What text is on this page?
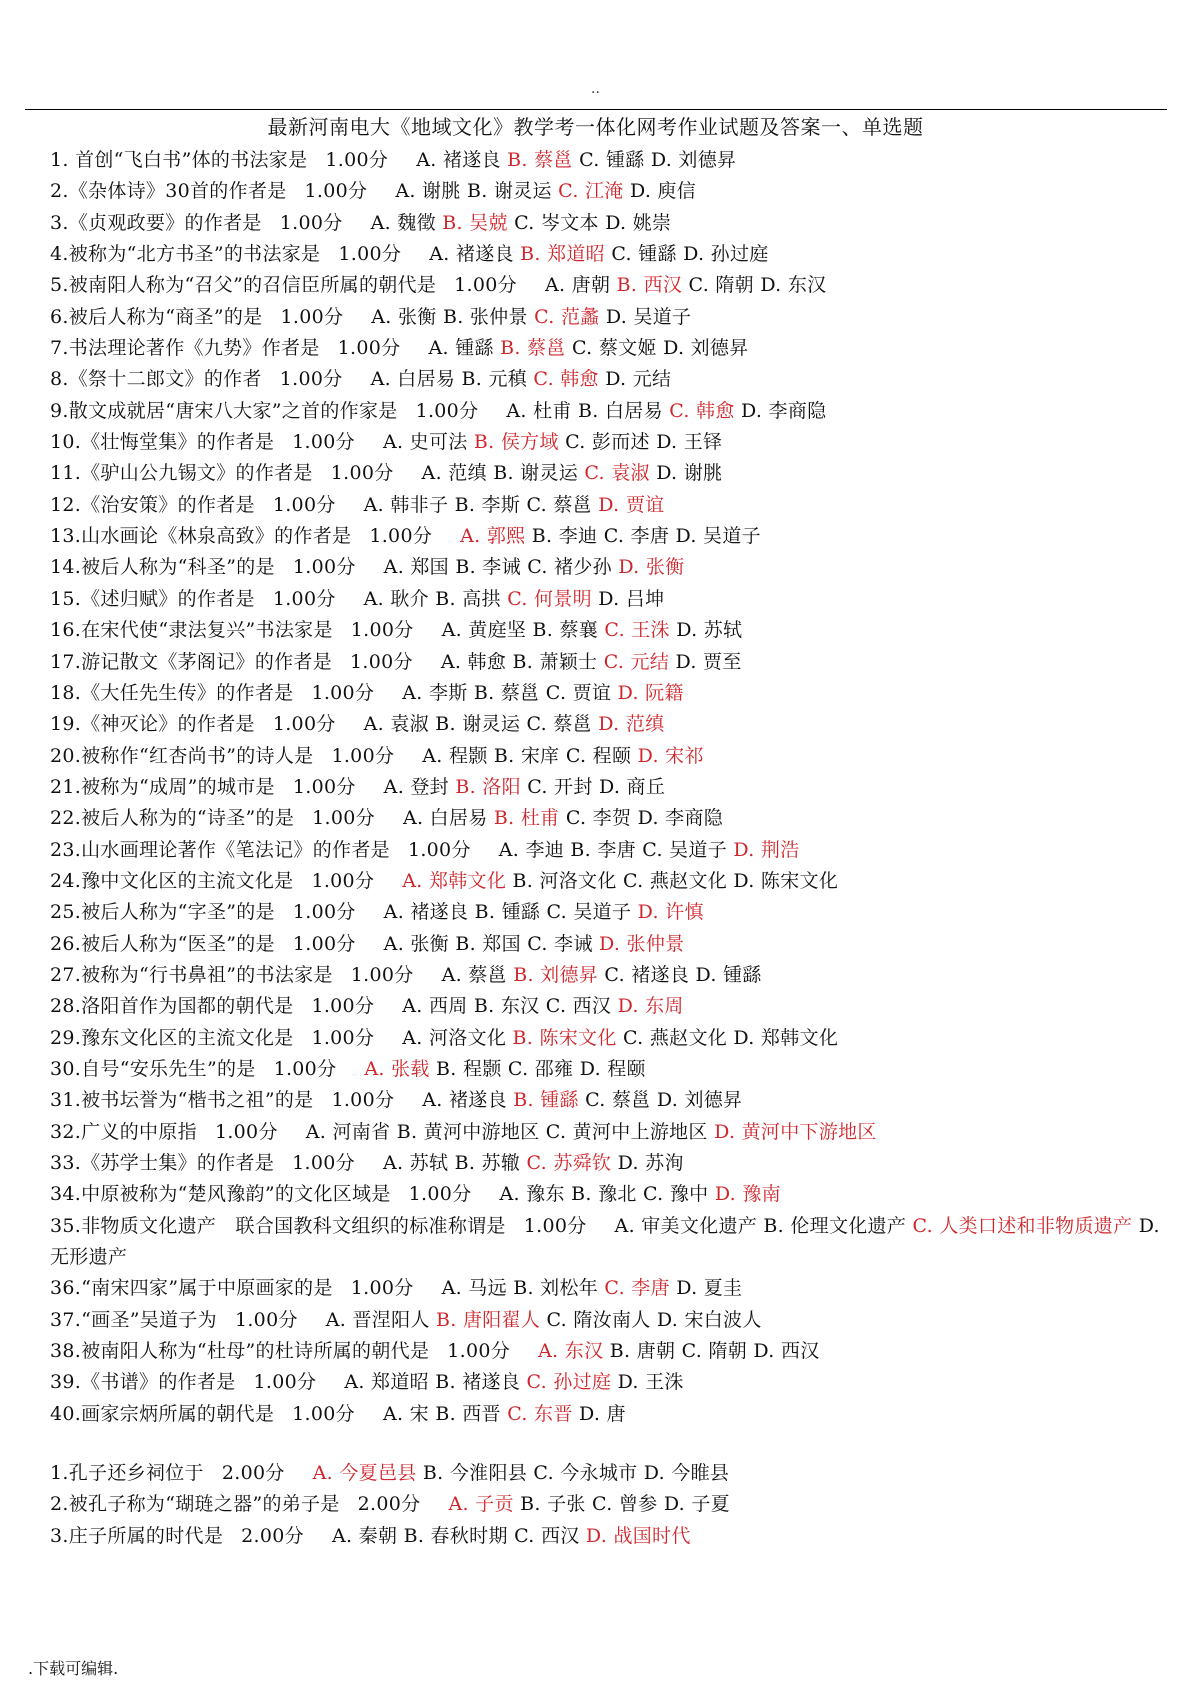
..
最新河南电大《地域文化》教学考一体化网考作业试题及答案一、单选题
1. 首创“飞白书”体的书法家是 1.00分 A. 褚遂良 B. 蔡邕 C. 锺繇 D. 刘德昇
2.《杂体诗》30首的作者是 1.00分 A. 谢朓 B. 谢灵运 C. 江淹 D. 庾信
3.《贞观政要》的作者是 1.00分 A. 魏徵 B. 吴兢 C. 岑文本 D. 姚崇
4.被称为“北方书圣”的书法家是 1.00分 A. 褚遂良 B. 郑道昭 C. 锺繇 D. 孙过庭
5.被南阳人称为“召父”的召信臣所属的朝代是 1.00分 A. 唐朝 B. 西汉 C. 隋朝 D. 东汉
6.被后人称为“商圣”的是 1.00分 A. 张衡 B. 张仲景 C. 范蠡 D. 吴道子
7.书法理论著作《九势》作者是 1.00分 A. 锺繇 B. 蔡邕 C. 蔡文姬 D. 刘德昇
8.《祭十二郎文》的作者 1.00分 A. 白居易 B. 元稹 C. 韩愈 D. 元结
9.散文成就居“唐宋八大家”之首的作家是 1.00分 A. 杜甫 B. 白居易 C. 韩愈 D. 李商隐
10.《壮悔堂集》的作者是 1.00分 A. 史可法 B. 侯方域 C. 彭而述 D. 王铎
11.《驴山公九锡文》的作者是 1.00分 A. 范缜 B. 谢灵运 C. 袁淑 D. 谢朓
12.《治安策》的作者是 1.00分 A. 韩非子 B. 李斯 C. 蔡邕 D. 贾谊
13.山水画论《林泉高致》的作者是 1.00分 A. 郭熙 B. 李迪 C. 李唐 D. 吴道子
14.被后人称为“科圣”的是 1.00分 A. 郑国 B. 李诫 C. 褚少孙 D. 张衡
15.《述归赋》的作者是 1.00分 A. 耿介 B. 高拱 C. 何景明 D. 吕坤
16.在宋代使“隶法复兴”书法家是 1.00分 A. 黄庭坚 B. 蔡襄 C. 王洙 D. 苏轼
17.游记散文《茅阁记》的作者是 1.00分 A. 韩愈 B. 萧颖士 C. 元结 D. 贾至
18.《大任先生传》的作者是 1.00分 A. 李斯 B. 蔡邕 C. 贾谊 D. 阮籍
19.《神灭论》的作者是 1.00分 A. 袁淑 B. 谢灵运 C. 蔡邕 D. 范缜
20.被称作“红杏尚书”的诗人是 1.00分 A. 程颢 B. 宋庠 C. 程颐 D. 宋祁
21.被称为“成周”的城市是 1.00分 A. 登封 B. 洛阳 C. 开封 D. 商丘
22.被后人称为的“诗圣”的是 1.00分 A. 白居易 B. 杜甫 C. 李贺 D. 李商隐
23.山水画理论著作《笔法记》的作者是 1.00分 A. 李迪 B. 李唐 C. 吴道子 D. 荆浩
24.豫中文化区的主流文化是 1.00分 A. 郑韩文化 B. 河洛文化 C. 燕赵文化 D. 陈宋文化
25.被后人称为“字圣”的是 1.00分 A. 褚遂良 B. 锺繇 C. 吴道子 D. 许慎
26.被后人称为“医圣”的是 1.00分 A. 张衡 B. 郑国 C. 李诫 D. 张仲景
27.被称为“行书鼻祖”的书法家是 1.00分 A. 蔡邕 B. 刘德昇 C. 褚遂良 D. 锺繇
28.洛阳首作为国都的朝代是 1.00分 A. 西周 B. 东汉 C. 西汉 D. 东周
29.豫东文化区的主流文化是 1.00分 A. 河洛文化 B. 陈宋文化 C. 燕赵文化 D. 郑韩文化
30.自号“安乐先生”的是 1.00分 A. 张载 B. 程颢 C. 邵雍 D. 程颐
31.被书坛誉为“楷书之祖”的是 1.00分 A. 褚遂良 B. 锺繇 C. 蔡邕 D. 刘德昇
32.广义的中原指 1.00分 A. 河南省 B. 黄河中游地区 C. 黄河中上游地区 D. 黄河中下游地区
33.《苏学士集》的作者是 1.00分 A. 苏轼 B. 苏辙 C. 苏舜钦 D. 苏洵
34.中原被称为“楚风豫韵”的文化区域是 1.00分 A. 豫东 B. 豫北 C. 豫中 D. 豫南
35.非物质文化遗产　联合国教科文组织的标准称谓是 1.00分 A. 审美文化遗产 B. 伦理文化遗产 C. 人类口述和非物质遗产 D. 无形遗产
36.“南宋四家”属于中原画家的是 1.00分 A. 马远 B. 刘松年 C. 李唐 D. 夏圭
37.“画圣”吴道子为 1.00分 A. 晋涅阳人 B. 唐阳翟人 C. 隋汝南人 D. 宋白波人
38.被南阳人称为“杜母”的杜诗所属的朝代是 1.00分 A. 东汉 B. 唐朝 C. 隋朝 D. 西汉
39.《书谱》的作者是 1.00分 A. 郑道昭 B. 褚遂良 C. 孙过庭 D. 王洙
40.画家宗炳所属的朝代是 1.00分 A. 宋 B. 西晋 C. 东晋 D. 唐
1.孔子还乡祠位于 2.00分 A. 今夏邑县 B. 今淮阳县 C. 今永城市 D. 今睢县
2.被孔子称为“瑚琏之器”的弟子是 2.00分 A. 子贡 B. 子张 C. 曾参 D. 子夏
3.庄子所属的时代是 2.00分 A. 秦朝 B. 春秋时期 C. 西汉 D. 战国时代
.下载可编辑.
